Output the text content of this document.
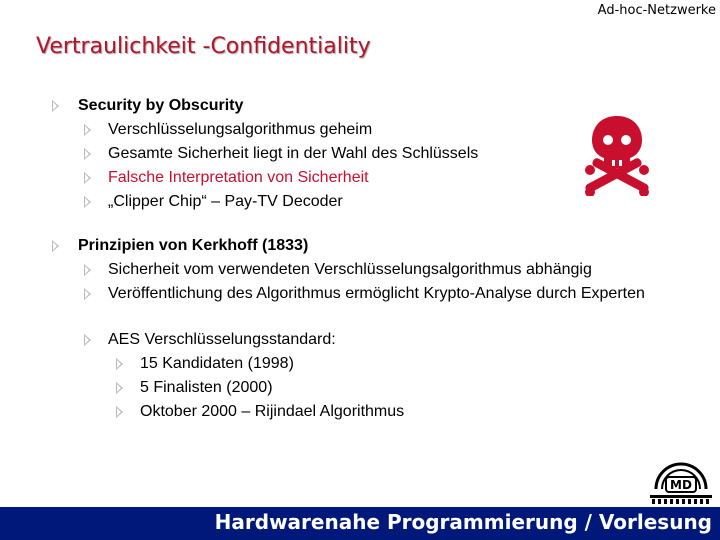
Ad-hoc-Netzwerke
Vertraulichkeit -Confidentiality
Security by Obscurity
Verschlüsselungsalgorithmus geheim
Gesamte Sicherheit liegt in der Wahl des Schlüssels
Falsche Interpretation von Sicherheit
„Clipper Chip“ – Pay-TV Decoder
Prinzipien von Kerkhoff (1833)
Sicherheit vom verwendeten Verschlüsselungsalgorithmus abhängig
Veröffentlichung des Algorithmus ermöglicht Krypto-Analyse durch Experten
AES Verschlüsselungsstandard:
15 Kandidaten (1998)
5 Finalisten (2000)
Oktober 2000 – Rijindael Algorithmus
MD
Hardwarenahe Programmierung / Vorlesung
